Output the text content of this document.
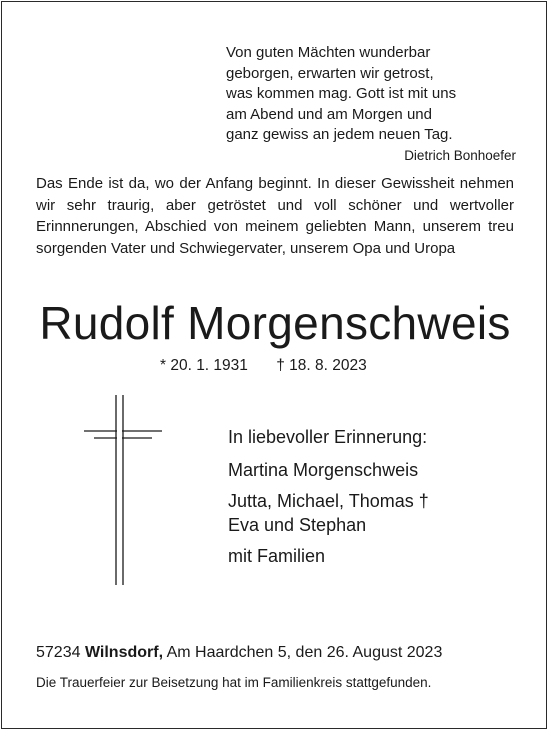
Von guten Mächten wunderbar
geborgen, erwarten wir getrost,
was kommen mag. Gott ist mit uns
am Abend und am Morgen und
ganz gewiss an jedem neuen Tag.
Dietrich Bonhoefer
Das Ende ist da, wo der Anfang beginnt. In dieser Gewissheit nehmen wir sehr traurig, aber getröstet und voll schöner und wertvoller Erinnnerungen, Abschied von meinem geliebten Mann, unserem treu sorgenden Vater und Schwiegervater, unserem Opa und Uropa
Rudolf Morgenschweis
* 20. 1. 1931 † 18. 8. 2023
In liebevoller Erinnerung:
Martina Morgenschweis
Jutta, Michael, Thomas †
Eva und Stephan
mit Familien
57234 Wilnsdorf, Am Haardchen 5, den 26. August 2023
Die Trauerfeier zur Beisetzung hat im Familienkreis stattgefunden.
